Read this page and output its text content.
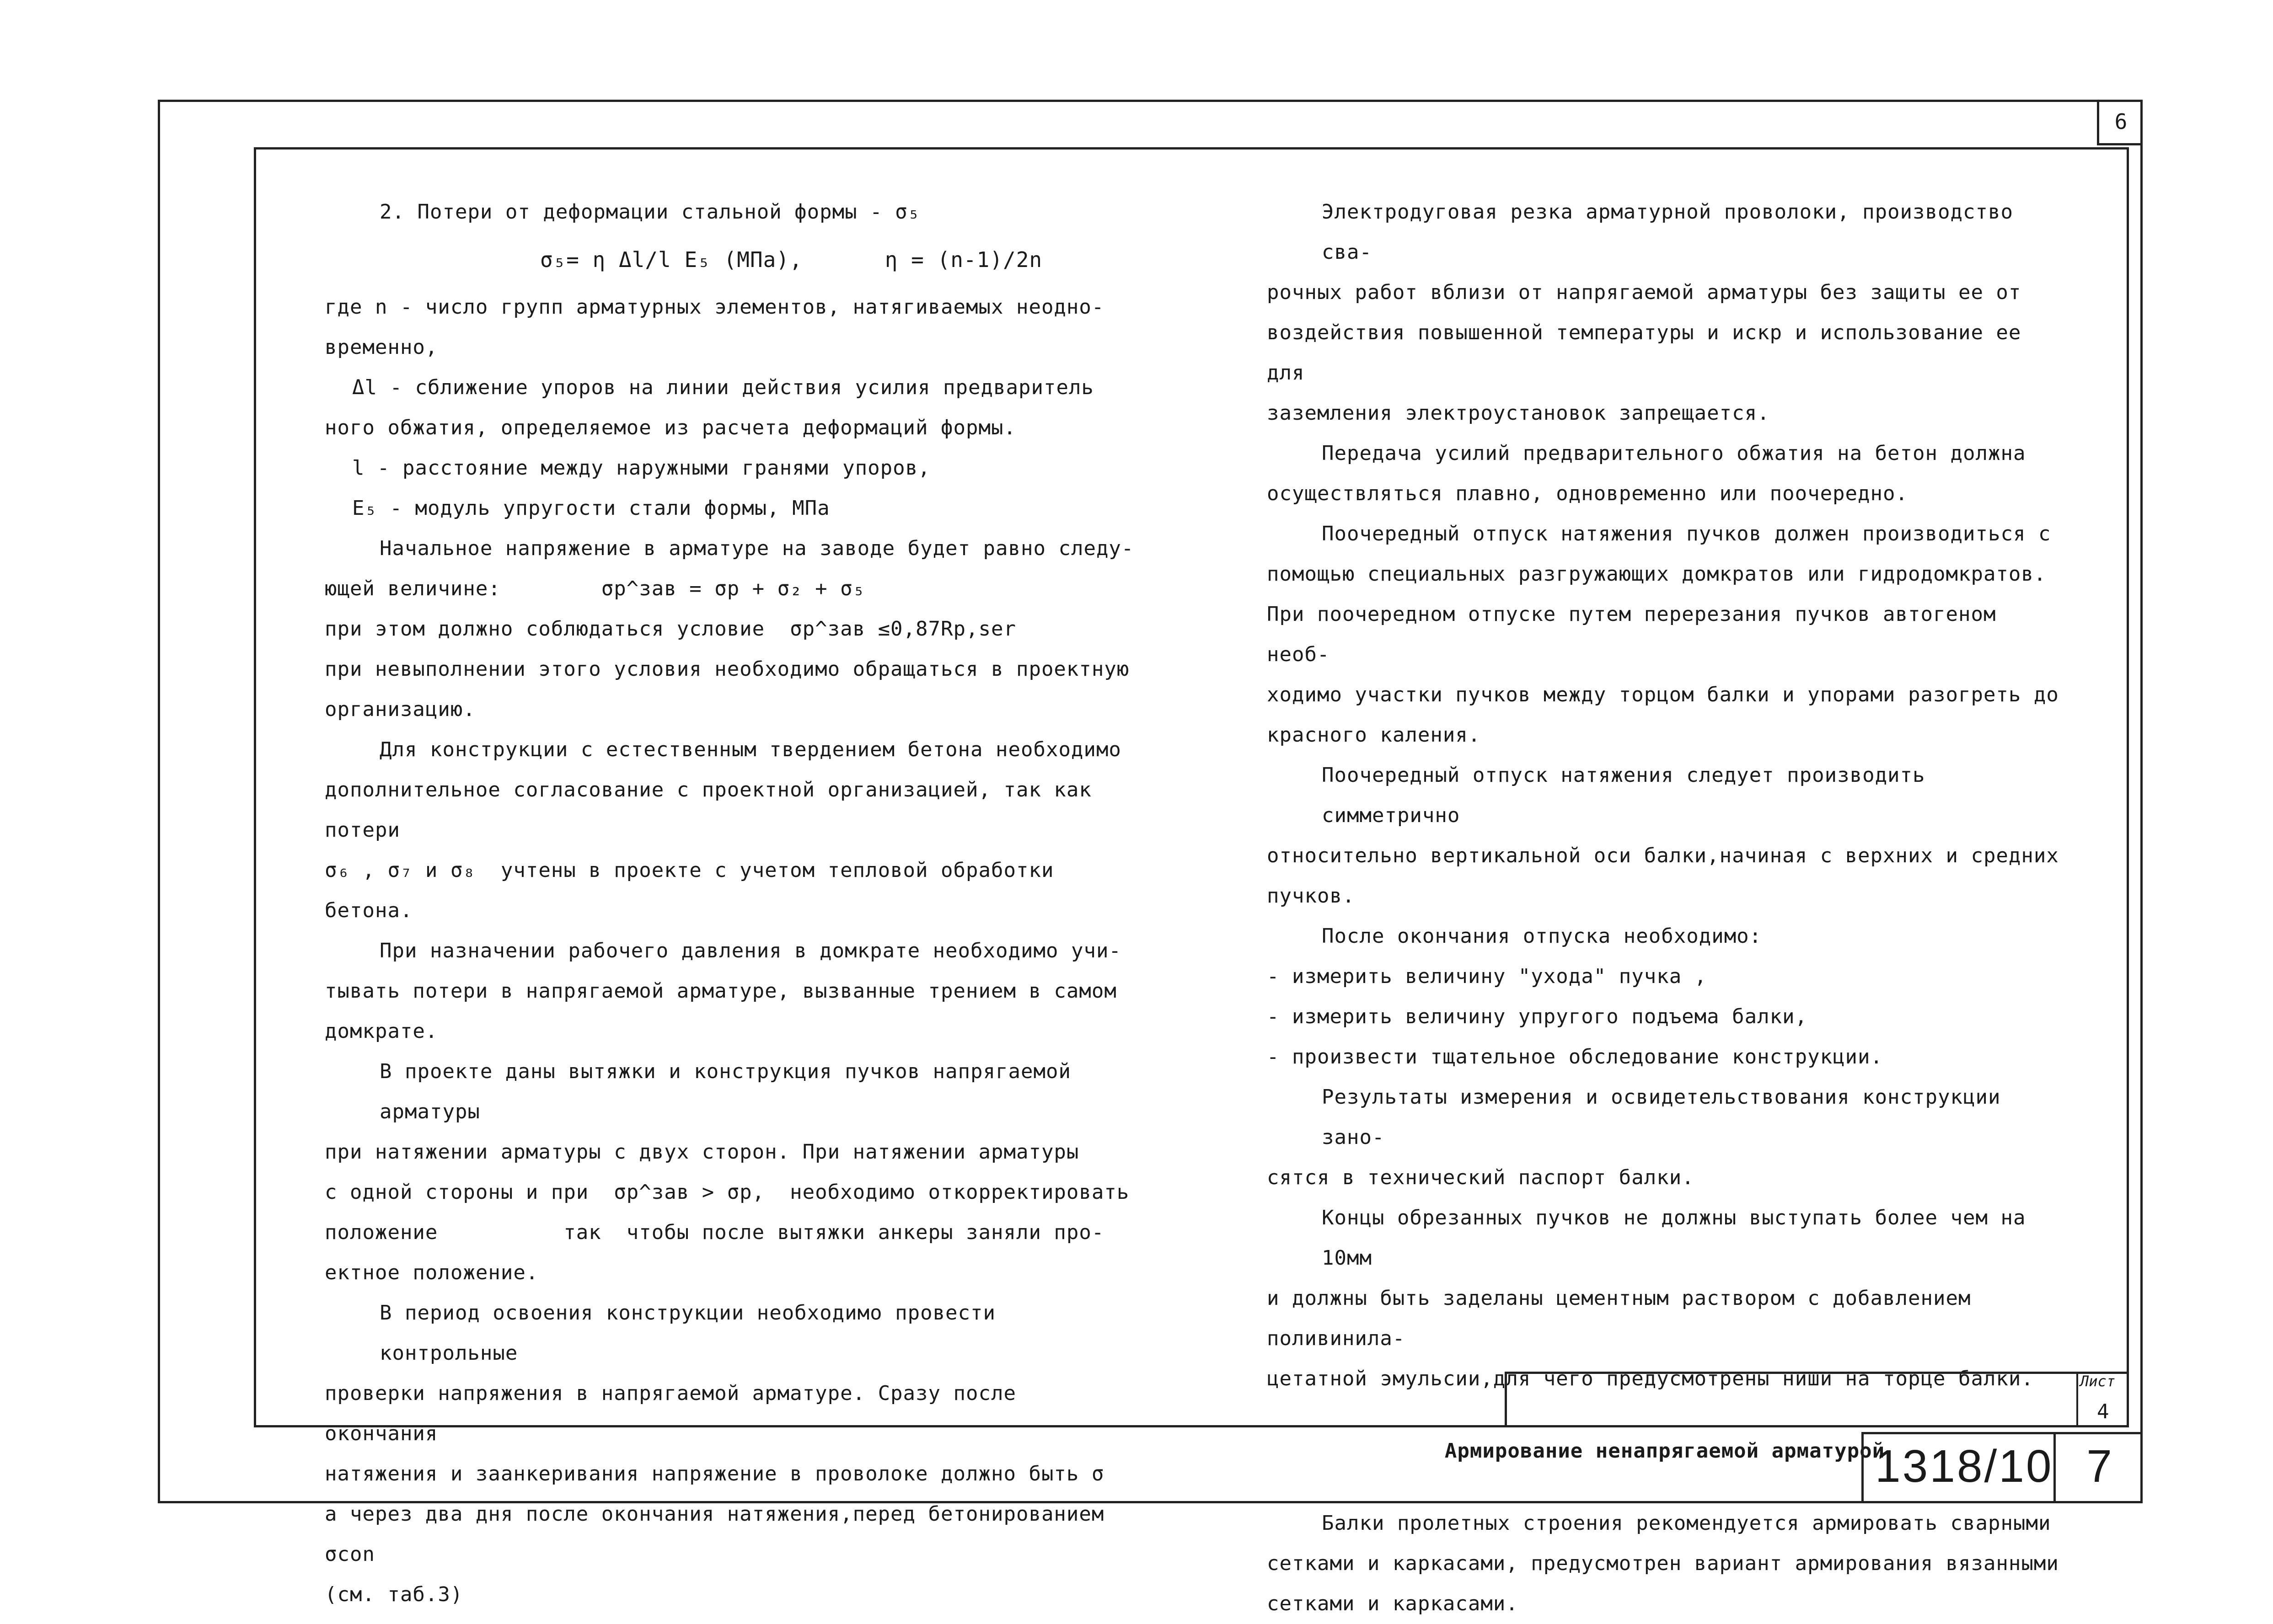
6

2. Потери от деформации стальной формы - σ₅

σ₅= η Δl/l E₅ (МПа),	η = (n-1)/2n

где n - число групп арматурных элементов, натягиваемых неодно-

временно,

Δl - сближение упоров на линии действия усилия предваритель

ного обжатия, определяемое из расчета деформаций формы.

l - расстояние между наружными гранями упоров,

E₅ - модуль упругости стали формы, МПа

Начальное напряжение в арматуре на заводе будет равно следу-

ющей величине:        σp^зав = σp + σ₂ + σ₅

при этом должно соблюдаться условие  σp^зав ≤0,87Rp,ser

при невыполнении этого условия необходимо обращаться в проектную

организацию.

Для конструкции с естественным твердением бетона необходимо

дополнительное согласование с проектной организацией, так как потери

σ₆ , σ₇ и σ₈  учтены в проекте с учетом тепловой обработки бетона.

При назначении рабочего давления в домкрате необходимо учи-

тывать потери в напрягаемой арматуре, вызванные трением в самом домкрате.

В проекте даны вытяжки и конструкция пучков напрягаемой арматуры

при натяжении арматуры с двух сторон. При натяжении арматуры

с одной стороны и при  σp^зав > σp,  необходимо откорректировать

положение          так  чтобы после вытяжки анкеры заняли про-

ектное положение.

В период освоения конструкции необходимо провести контрольные

проверки напряжения в напрягаемой арматуре. Сразу после окончания

натяжения и заанкеривания напряжение в проволоке должно быть σ

а через два дня после окончания натяжения,перед бетонированием  σcon

(см. таб.3)

Электродуговая резка арматурной проволоки, производство сва-

рочных работ вблизи от напрягаемой арматуры без защиты ее от

воздействия повышенной температуры и искр и использование ее для

заземления электроустановок запрещается.

Передача усилий предварительного обжатия на бетон должна

осуществляться плавно, одновременно или поочередно.

Поочередный отпуск натяжения пучков должен производиться с

помощью специальных разгружающих домкратов или гидродомкратов.

При поочередном отпуске путем перерезания пучков автогеном необ-

ходимо участки пучков между торцом балки и упорами разогреть до

красного каления.

Поочередный отпуск натяжения следует производить симметрично

относительно вертикальной оси балки,начиная с верхних и средних

пучков.

После окончания отпуска необходимо:

- измерить величину "ухода" пучка ,

- измерить величину упругого подъема балки,

- произвести тщательное обследование конструкции.

Результаты измерения и освидетельствования конструкции зано-

сятся в технический паспорт балки.

Концы обрезанных пучков не должны выступать более чем на 10мм

и должны быть заделаны цементным раствором с добавлением поливинила-

цетатной эмульсии,для чего предусмотрены ниши на торце балки.

Армирование ненапрягаемой арматурой

Балки пролетных строения рекомендуется армировать сварными

сетками и каркасами, предусмотрен вариант армирования вязанными

сетками и каркасами.

Лист
4
1318/10 7
